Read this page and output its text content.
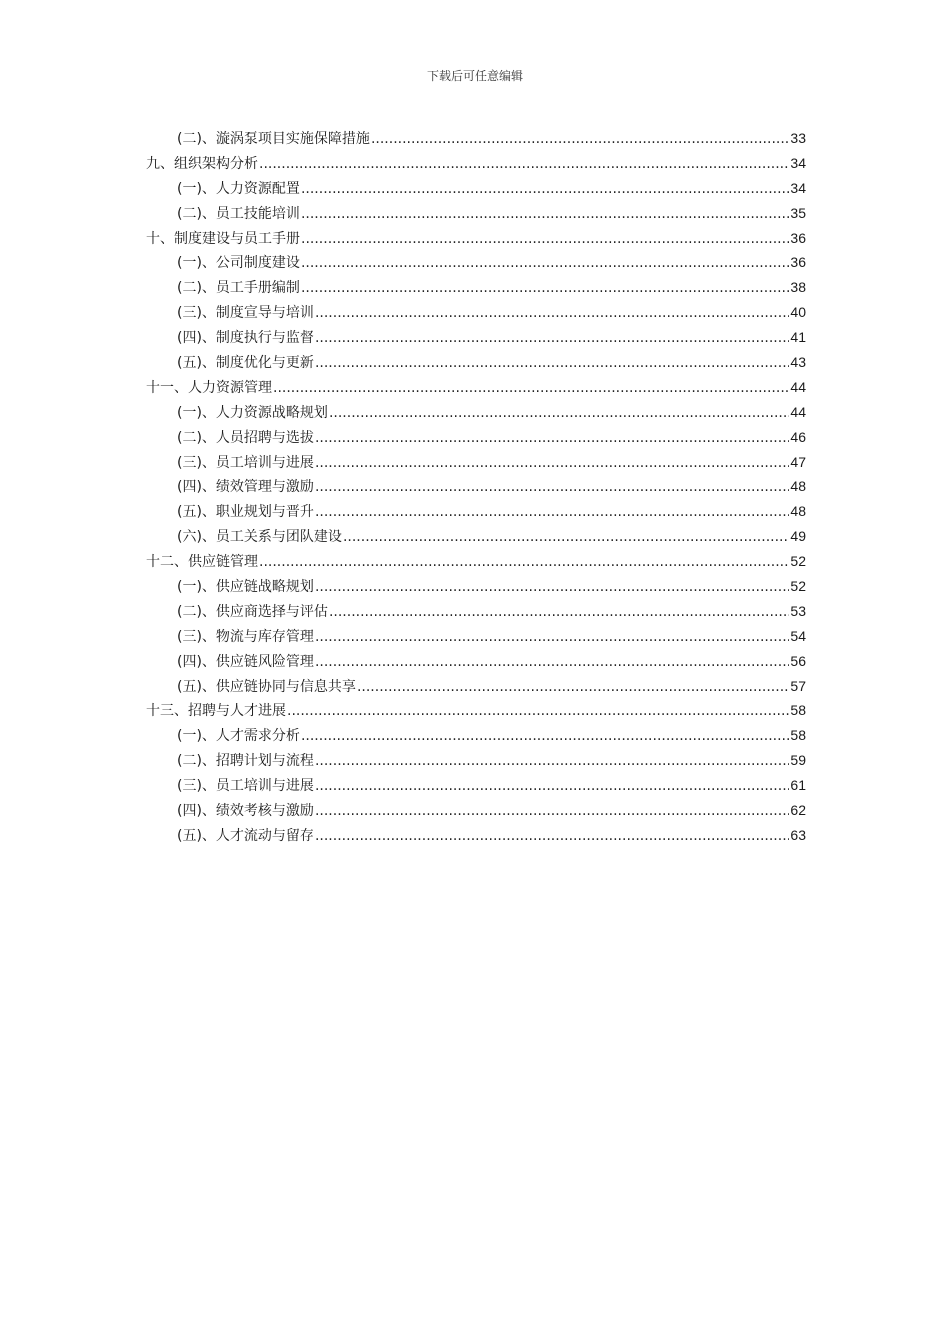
下载后可任意编辑
(二)、漩涡泵项目实施保障措施 .....	33
九、组织架构分析 .....	34
(一)、人力资源配置 .....	34
(二)、员工技能培训 .....	35
十、制度建设与员工手册 .....	36
(一)、公司制度建设 .....	36
(二)、员工手册编制 .....	38
(三)、制度宣导与培训 .....	40
(四)、制度执行与监督 .....	41
(五)、制度优化与更新 .....	43
十一、人力资源管理 .....	44
(一)、人力资源战略规划 .....	44
(二)、人员招聘与选拔 .....	46
(三)、员工培训与进展 .....	47
(四)、绩效管理与激励 .....	48
(五)、职业规划与晋升 .....	48
(六)、员工关系与团队建设 .....	49
十二、供应链管理 .....	52
(一)、供应链战略规划 .....	52
(二)、供应商选择与评估 .....	53
(三)、物流与库存管理 .....	54
(四)、供应链风险管理 .....	56
(五)、供应链协同与信息共享 .....	57
十三、招聘与人才进展 .....	58
(一)、人才需求分析 .....	58
(二)、招聘计划与流程 .....	59
(三)、员工培训与进展 .....	61
(四)、绩效考核与激励 .....	62
(五)、人才流动与留存 .....	63
